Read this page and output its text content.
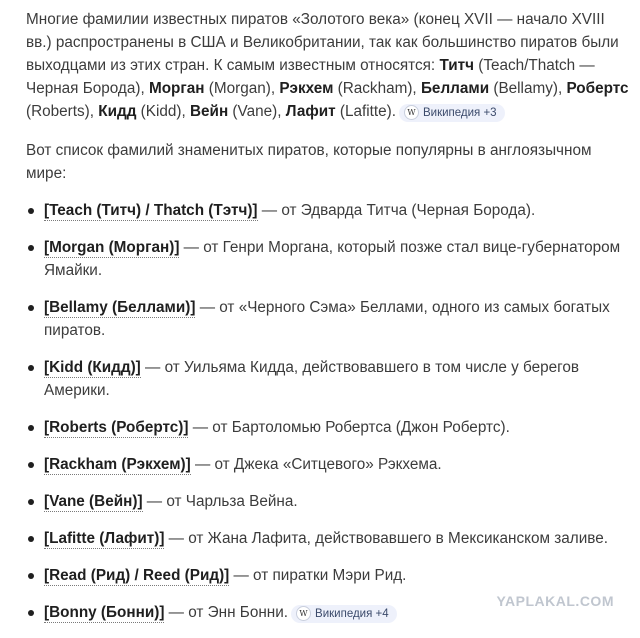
Многие фамилии известных пиратов «Золотого века» (конец XVII — начало XVIII вв.) распространены в США и Великобритании, так как большинство пиратов были выходцами из этих стран. К самым известным относятся: Титч (Teach/Thatch — Черная Борода), Морган (Morgan), Рэкхем (Rackham), Беллами (Bellamy), Робертс (Roberts), Кидд (Kidd), Вейн (Vane), Лафит (Lafitte).	W Википедия +3

Вот список фамилий знаменитых пиратов, которые популярны в англоязычном мире:

[Teach (Титч) / Thatch (Тэтч)] — от Эдварда Титча (Черная Борода).
[Morgan (Морган)] — от Генри Моргана, который позже стал вице-губернатором Ямайки.
[Bellamy (Беллами)] — от «Черного Сэма» Беллами, одного из самых богатых пиратов.
[Kidd (Кидд)] — от Уильяма Кидда, действовавшего в том числе у берегов Америки.
[Roberts (Робертс)] — от Бартоломью Робертса (Джон Робертс).
[Rackham (Рэкхем)] — от Джека «Ситцевого» Рэкхема.
[Vane (Вейн)] — от Чарльза Вейна.
[Lafitte (Лафит)] — от Жана Лафита, действовавшего в Мексиканском заливе.
[Read (Рид) / Reed (Рид)] — от пиратки Мэри Рид.
[Bonny (Бонни)] — от Энн Бонни.	W Википедия +4
YAPLAKAL.COM
